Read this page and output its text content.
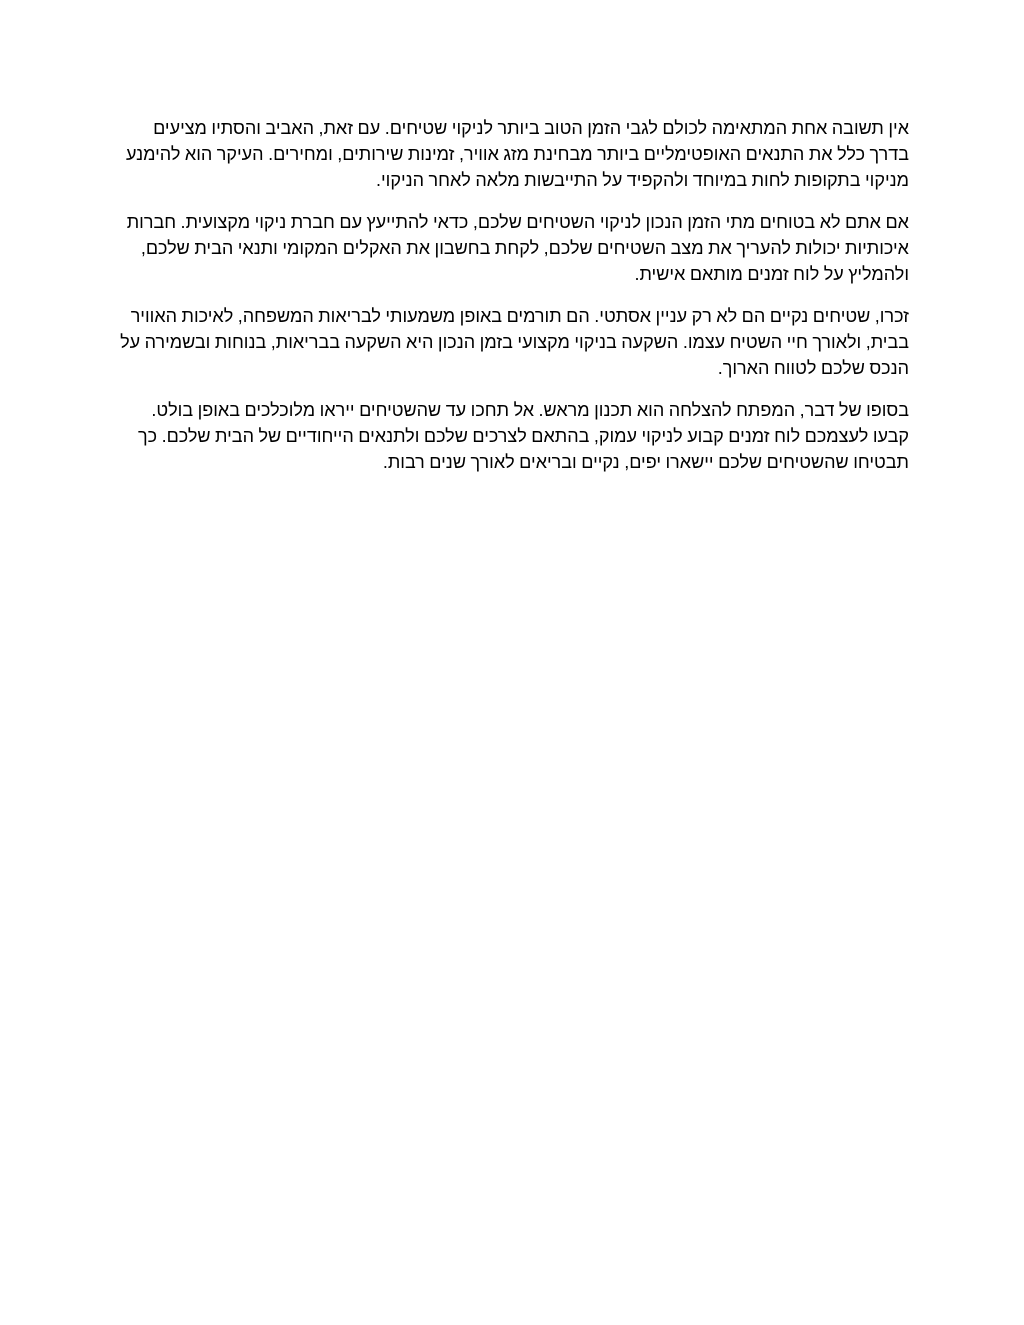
אין תשובה אחת המתאימה לכולם לגבי הזמן הטוב ביותר לניקוי שטיחים. עם זאת, האביב והסתיו מציעים בדרך כלל את התנאים האופטימליים ביותר מבחינת מזג אוויר, זמינות שירותים, ומחירים. העיקר הוא להימנע מניקוי בתקופות לחות במיוחד ולהקפיד על התייבשות מלאה לאחר הניקוי.

אם אתם לא בטוחים מתי הזמן הנכון לניקוי השטיחים שלכם, כדאי להתייעץ עם חברת ניקוי מקצועית. חברות איכותיות יכולות להעריך את מצב השטיחים שלכם, לקחת בחשבון את האקלים המקומי ותנאי הבית שלכם, ולהמליץ על לוח זמנים מותאם אישית.

זכרו, שטיחים נקיים הם לא רק עניין אסתטי. הם תורמים באופן משמעותי לבריאות המשפחה, לאיכות האוויר בבית, ולאורך חיי השטיח עצמו. השקעה בניקוי מקצועי בזמן הנכון היא השקעה בבריאות, בנוחות ובשמירה על הנכס שלכם לטווח הארוך.

בסופו של דבר, המפתח להצלחה הוא תכנון מראש. אל תחכו עד שהשטיחים ייראו מלוכלכים באופן בולט. קבעו לעצמכם לוח זמנים קבוע לניקוי עמוק, בהתאם לצרכים שלכם ולתנאים הייחודיים של הבית שלכם. כך תבטיחו שהשטיחים שלכם יישארו יפים, נקיים ובריאים לאורך שנים רבות.
